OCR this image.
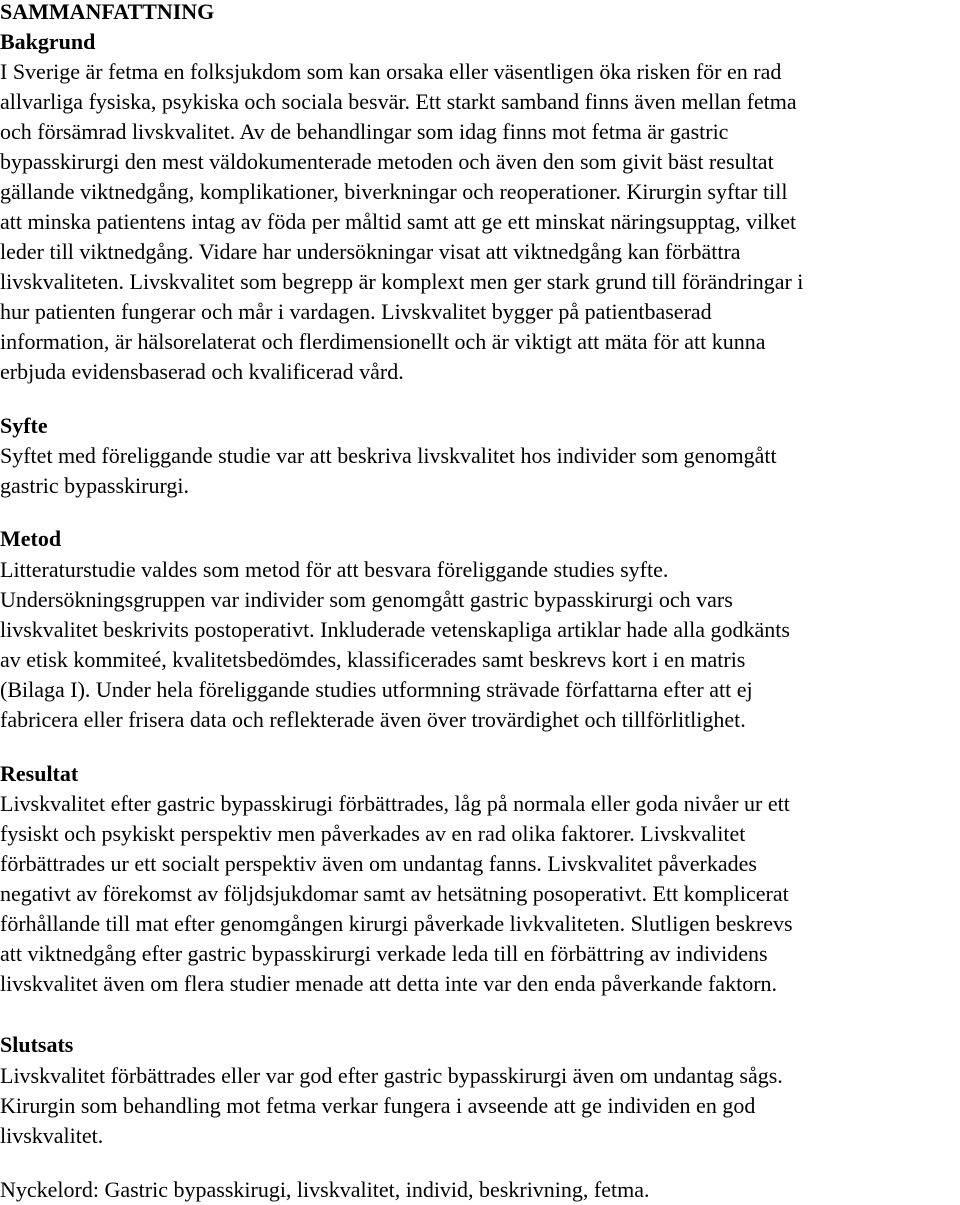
SAMMANFATTNING
Bakgrund
I Sverige är fetma en folksjukdom som kan orsaka eller väsentligen öka risken för en rad
allvarliga fysiska, psykiska och sociala besvär. Ett starkt samband finns även mellan fetma
och försämrad livskvalitet. Av de behandlingar som idag finns mot fetma är gastric
bypasskirurgi den mest väldokumenterade metoden och även den som givit bäst resultat
gällande viktnedgång, komplikationer, biverkningar och reoperationer. Kirurgin syftar till
att minska patientens intag av föda per måltid samt att ge ett minskat näringsupptag, vilket
leder till viktnedgång. Vidare har undersökningar visat att viktnedgång kan förbättra
livskvaliteten. Livskvalitet som begrepp är komplext men ger stark grund till förändringar i
hur patienten fungerar och mår i vardagen. Livskvalitet bygger på patientbaserad
information, är hälsorelaterat och flerdimensionellt och är viktigt att mäta för att kunna
erbjuda evidensbaserad och kvalificerad vård.
Syfte
Syftet med föreliggande studie var att beskriva livskvalitet hos individer som genomgått
gastric bypasskirurgi.
Metod
Litteraturstudie valdes som metod för att besvara föreliggande studies syfte.
Undersökningsgruppen var individer som genomgått gastric bypasskirurgi och vars
livskvalitet beskrivits postoperativt. Inkluderade vetenskapliga artiklar hade alla godkänts
av etisk kommiteé, kvalitetsbedömdes, klassificerades samt beskrevs kort i en matris
(Bilaga I). Under hela föreliggande studies utformning strävade författarna efter att ej
fabricera eller frisera data och reflekterade även över trovärdighet och tillförlitlighet.
Resultat
Livskvalitet efter gastric bypasskirugi förbättrades, låg på normala eller goda nivåer ur ett
fysiskt och psykiskt perspektiv men påverkades av en rad olika faktorer. Livskvalitet
förbättrades ur ett socialt perspektiv även om undantag fanns. Livskvalitet påverkades
negativt av förekomst av följdsjukdomar samt av hetsätning posoperativt. Ett komplicerat
förhållande till mat efter genomgången kirurgi påverkade livkvaliteten. Slutligen beskrevs
att viktnedgång efter gastric bypasskirurgi verkade leda till en förbättring av individens
livskvalitet även om flera studier menade att detta inte var den enda påverkande faktorn.
Slutsats
Livskvalitet förbättrades eller var god efter gastric bypasskirurgi även om undantag sågs.
Kirurgin som behandling mot fetma verkar fungera i avseende att ge individen en god
livskvalitet.
Nyckelord: Gastric bypasskirugi, livskvalitet, individ, beskrivning, fetma.
